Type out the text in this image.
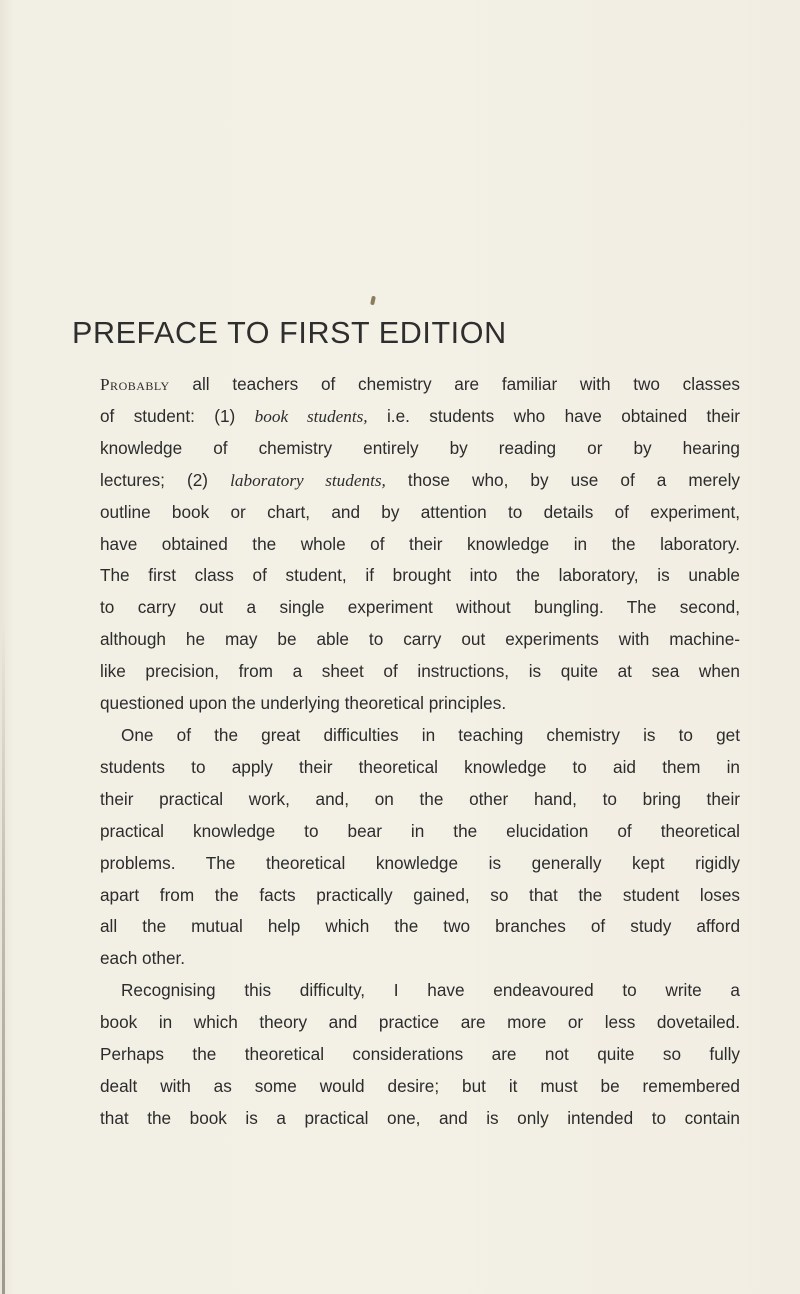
PREFACE TO FIRST EDITION
Probably all teachers of chemistry are familiar with two classes
of student: (1) book students, i.e. students who have obtained their
knowledge of chemistry entirely by reading or by hearing
lectures; (2) laboratory students, those who, by use of a merely
outline book or chart, and by attention to details of experiment,
have obtained the whole of their knowledge in the laboratory.
The first class of student, if brought into the laboratory, is unable
to carry out a single experiment without bungling. The second,
although he may be able to carry out experiments with machine-
like precision, from a sheet of instructions, is quite at sea when
questioned upon the underlying theoretical principles.
One of the great difficulties in teaching chemistry is to get
students to apply their theoretical knowledge to aid them in
their practical work, and, on the other hand, to bring their
practical knowledge to bear in the elucidation of theoretical
problems. The theoretical knowledge is generally kept rigidly
apart from the facts practically gained, so that the student loses
all the mutual help which the two branches of study afford
each other.
Recognising this difficulty, I have endeavoured to write a
book in which theory and practice are more or less dovetailed.
Perhaps the theoretical considerations are not quite so fully
dealt with as some would desire; but it must be remembered
that the book is a practical one, and is only intended to contain
